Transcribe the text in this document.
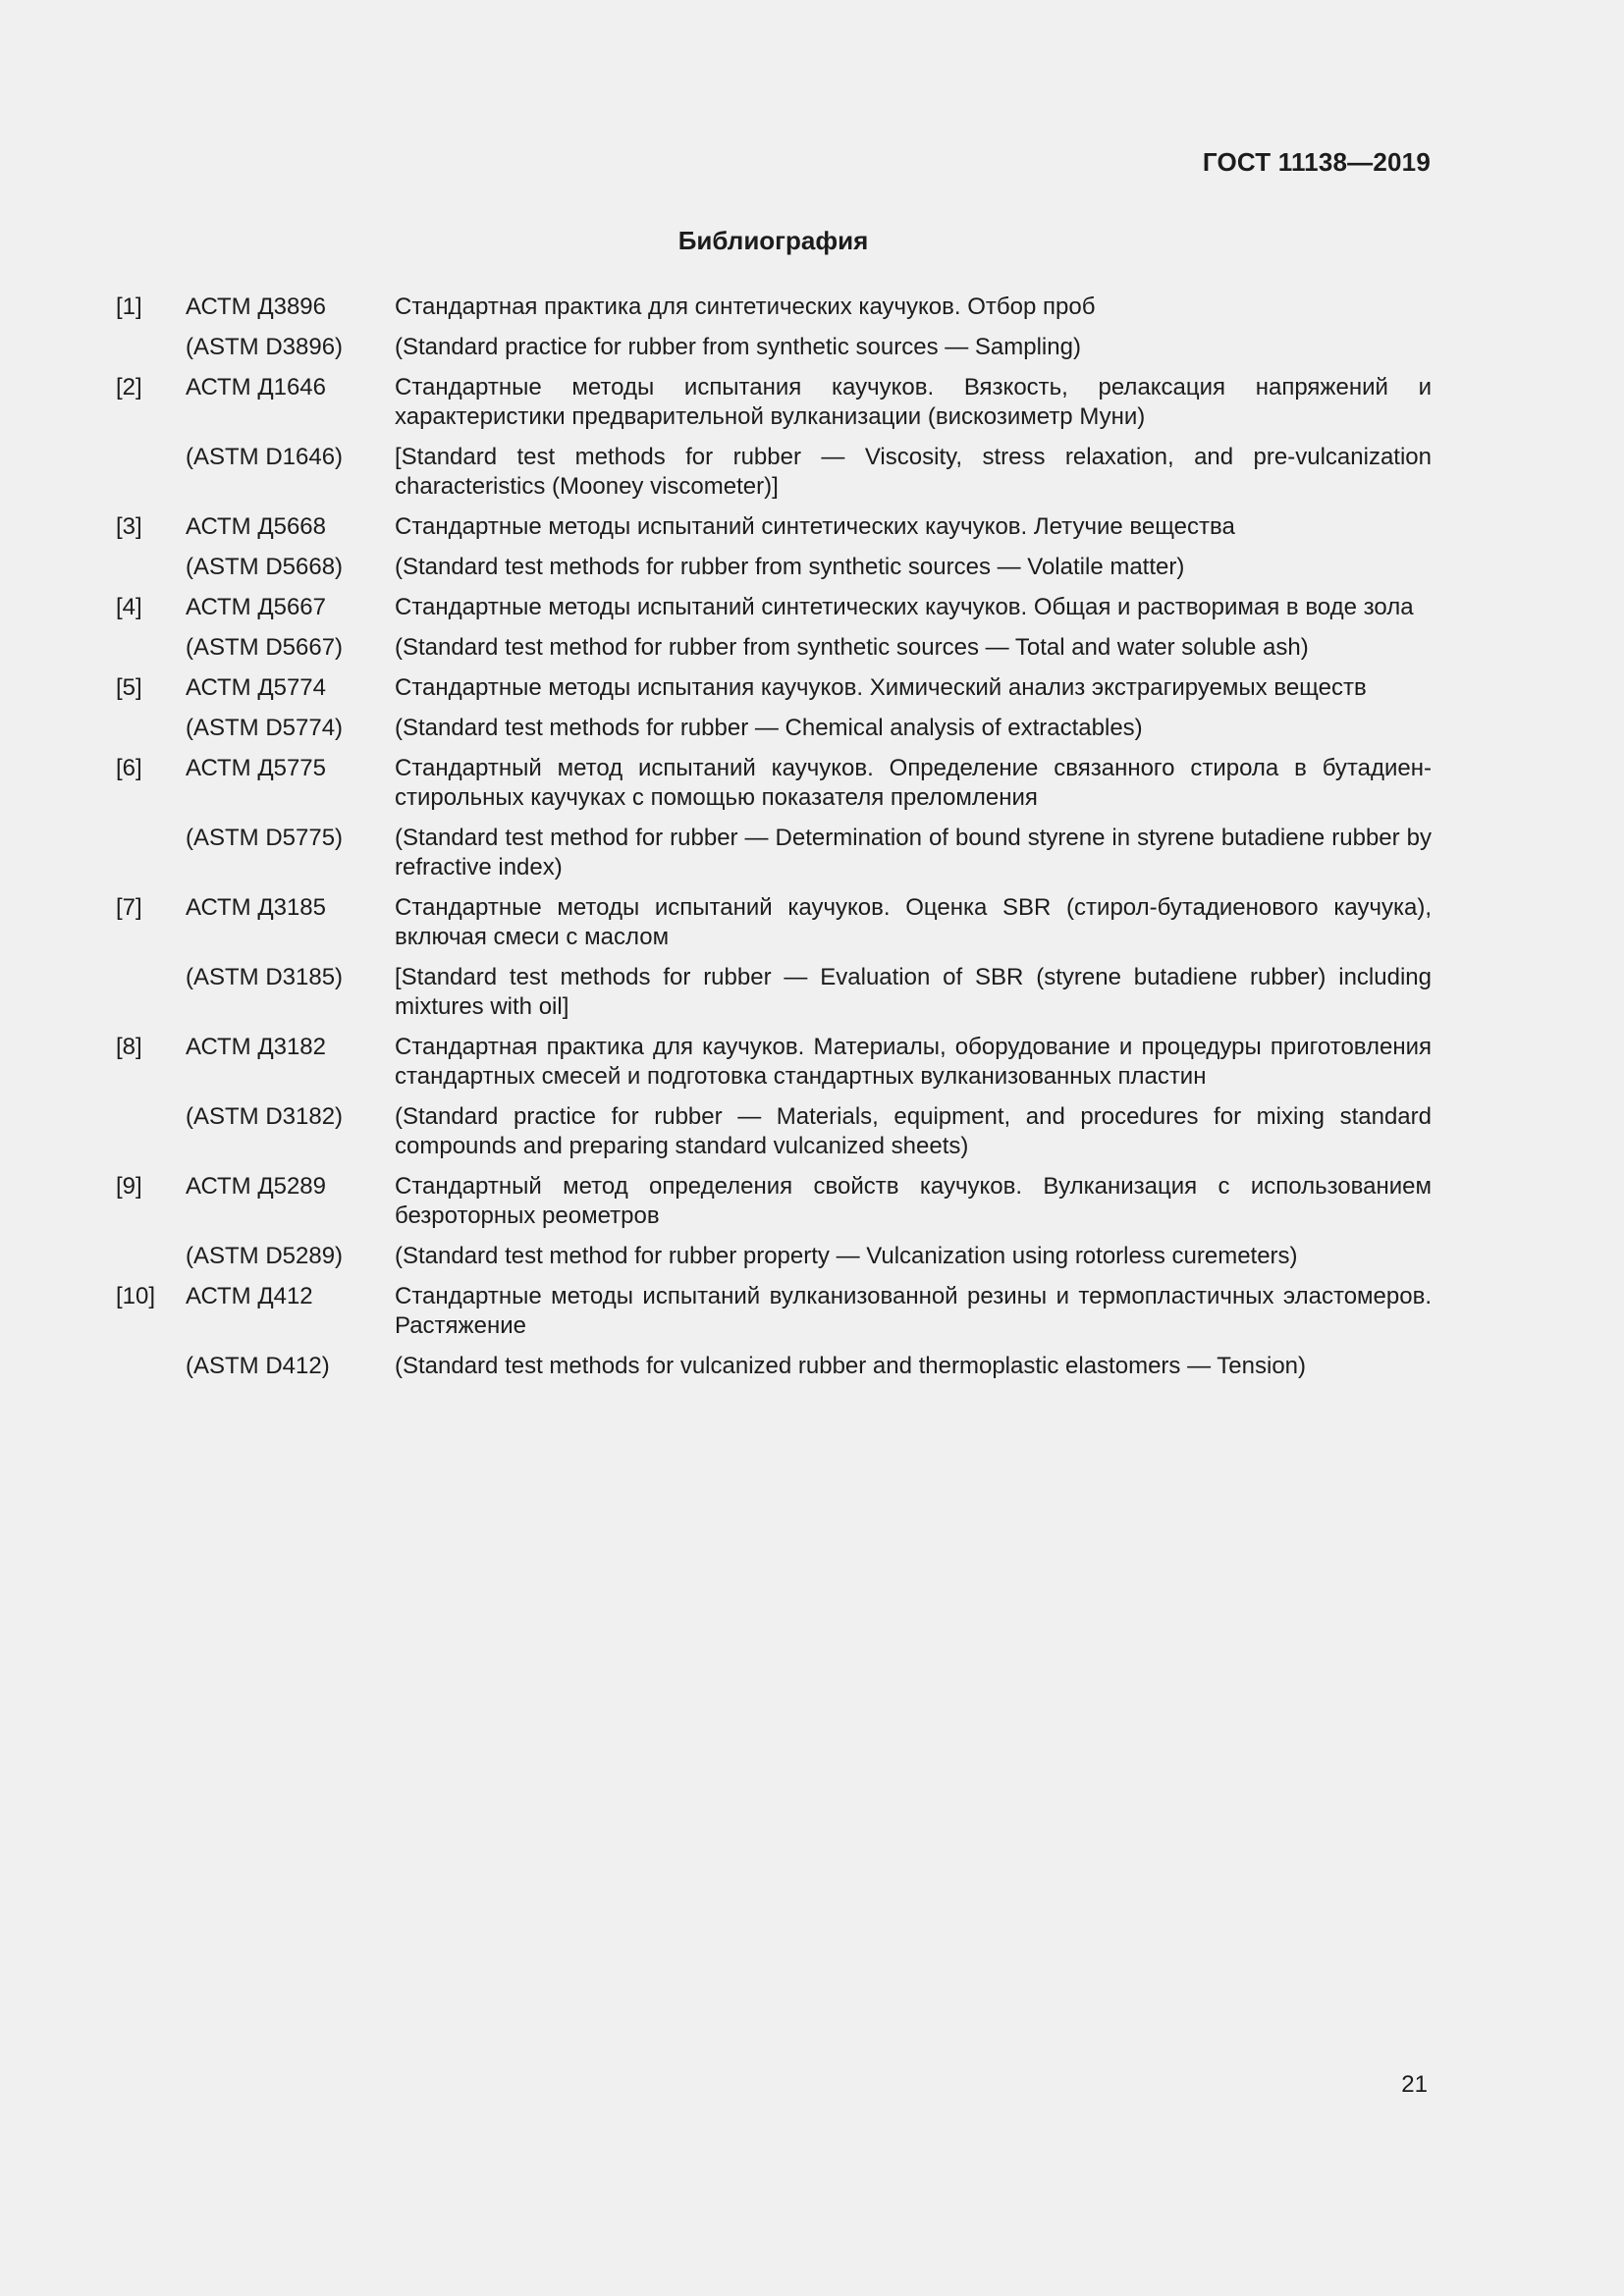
ГОСТ 11138—2019
Библиография
[1]	АСТМ Д3896	Стандартная практика для синтетических каучуков. Отбор проб
(ASTM D3896)	(Standard practice for rubber from synthetic sources — Sampling)
[2]	АСТМ Д1646	Стандартные методы испытания каучуков. Вязкость, релаксация напряжений и характеристики предварительной вулканизации (вискозиметр Муни)
(ASTM D1646)	[Standard test methods for rubber — Viscosity, stress relaxation, and pre-vulcanization characteristics (Mooney viscometer)]
[3]	АСТМ Д5668	Стандартные методы испытаний синтетических каучуков. Летучие вещества
(ASTM D5668)	(Standard test methods for rubber from synthetic sources — Volatile matter)
[4]	АСТМ Д5667	Стандартные методы испытаний синтетических каучуков. Общая и растворимая в воде зола
(ASTM D5667)	(Standard test method for rubber from synthetic sources — Total and water soluble ash)
[5]	АСТМ Д5774	Стандартные методы испытания каучуков. Химический анализ экстрагируемых веществ
(ASTM D5774)	(Standard test methods for rubber — Chemical analysis of extractables)
[6]	АСТМ Д5775	Стандартный метод испытаний каучуков. Определение связанного стирола в бутадиен-стирольных каучуках с помощью показателя преломления
(ASTM D5775)	(Standard test method for rubber — Determination of bound styrene in styrene butadiene rubber by refractive index)
[7]	АСТМ Д3185	Стандартные методы испытаний каучуков. Оценка SBR (стирол-бутадиенового каучука), включая смеси с маслом
(ASTM D3185)	[Standard test methods for rubber — Evaluation of SBR (styrene butadiene rubber) including mixtures with oil]
[8]	АСТМ Д3182	Стандартная практика для каучуков. Материалы, оборудование и процедуры приготовления стандартных смесей и подготовка стандартных вулканизованных пластин
(ASTM D3182)	(Standard practice for rubber — Materials, equipment, and procedures for mixing standard compounds and preparing standard vulcanized sheets)
[9]	АСТМ Д5289	Стандартный метод определения свойств каучуков. Вулканизация с использованием безроторных реометров
(ASTM D5289)	(Standard test method for rubber property — Vulcanization using rotorless curemeters)
[10]	АСТМ Д412	Стандартные методы испытаний вулканизованной резины и термопластичных эластомеров. Растяжение
(ASTM D412)	(Standard test methods for vulcanized rubber and thermoplastic elastomers — Tension)
21
